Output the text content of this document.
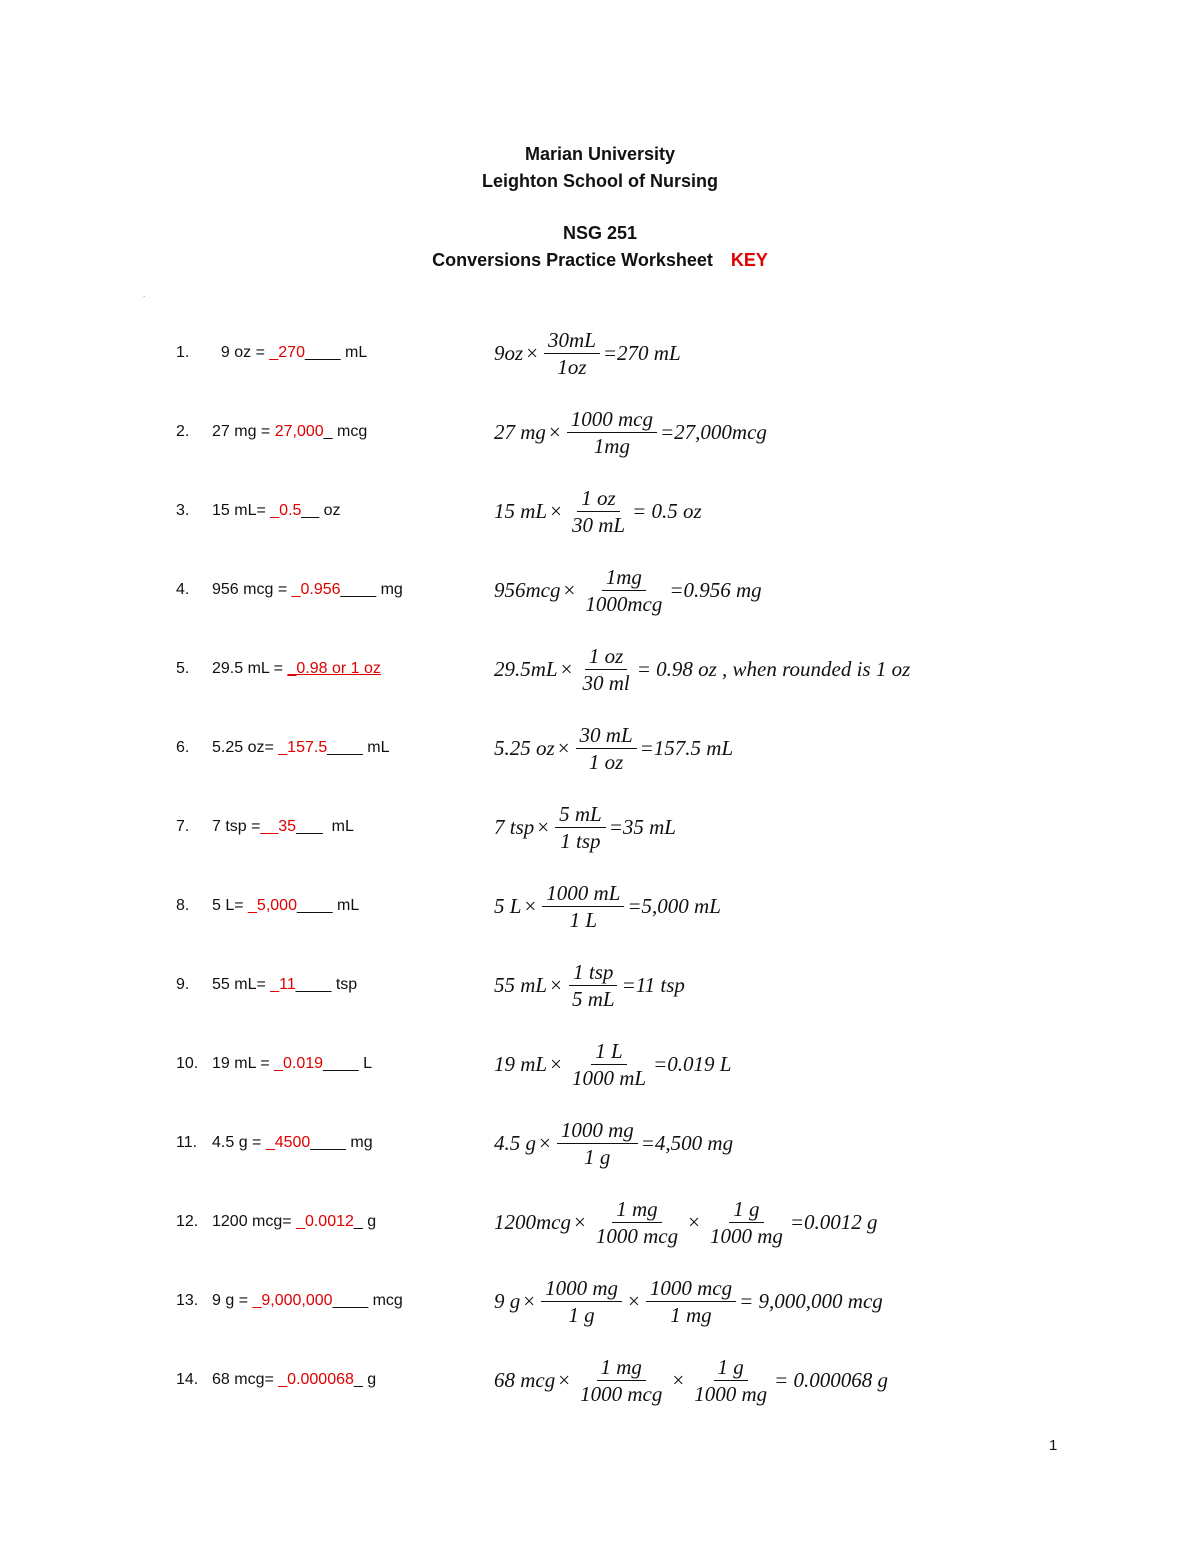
Marian University
Leighton School of Nursing
NSG 251
Conversions Practice Worksheet KEY
.
1.  9 oz = _270____ mL	$9oz \times \frac{30mL}{1oz} =270$ mL
2. 27 mg = 27,000_ mcg	27 mg × $\frac{\text{1000 mcg}}{1mg} =27,000mcg$
3. 15 mL= _0.5__ oz	15 mL × $\frac{1 oz}{30 mL} = 0.5$ oz
4. 956 mcg = _0.956____ mg	$956mcg \times \frac{1mg}{\text{1000mcg}} =0.956$ mg
5. 29.5 mL = _0.98 or 1 oz	$29.5mL \times \frac{1 oz}{30 ml} = 0.98$ oz , when rounded is 1 oz
6. 5.25 oz= _157.5____ mL	5.25 oz × $\frac{30 mL}{1 oz} =157.5$ mL
7. 7 tsp =__35___  mL	7 tsp × $\frac{5 mL}{\text{1 tsp}} =35$ mL
8. 5 L= _5,000____ mL	5 $L \times \frac{1000 mL}{1 L} =5,000$ mL
9. 55 mL= _11____ tsp	55 mL × $\frac{\text{1 tsp}}{5 mL} =11$ tsp
10. 19 mL = _0.019____ L	19 mL × $\frac{1 L}{1000 mL} =0.019$ L
11. 4.5 g = _4500____ mg	4.5 $g \times \frac{1000 mg}{1 g} =4,500$ mg
12. 1200 mcg= _0.0012_ g	$1200mcg \times \frac{1 mg}{\text{1000 mcg}} \times \frac{1 g}{1000 mg} =0.0012$ g
13. 9 g = _9,000,000____ mcg	9 $g \times \frac{1000 mg}{1 g} \times \frac{\text{1000 mcg}}{1 mg} = 9,000,000$ mcg
14. 68 mcg= _0.000068_ g	68 mcg × $\frac{1 mg}{\text{1000 mcg}} \times \frac{1 g}{1000 mg} = 0.000068$ g
1
